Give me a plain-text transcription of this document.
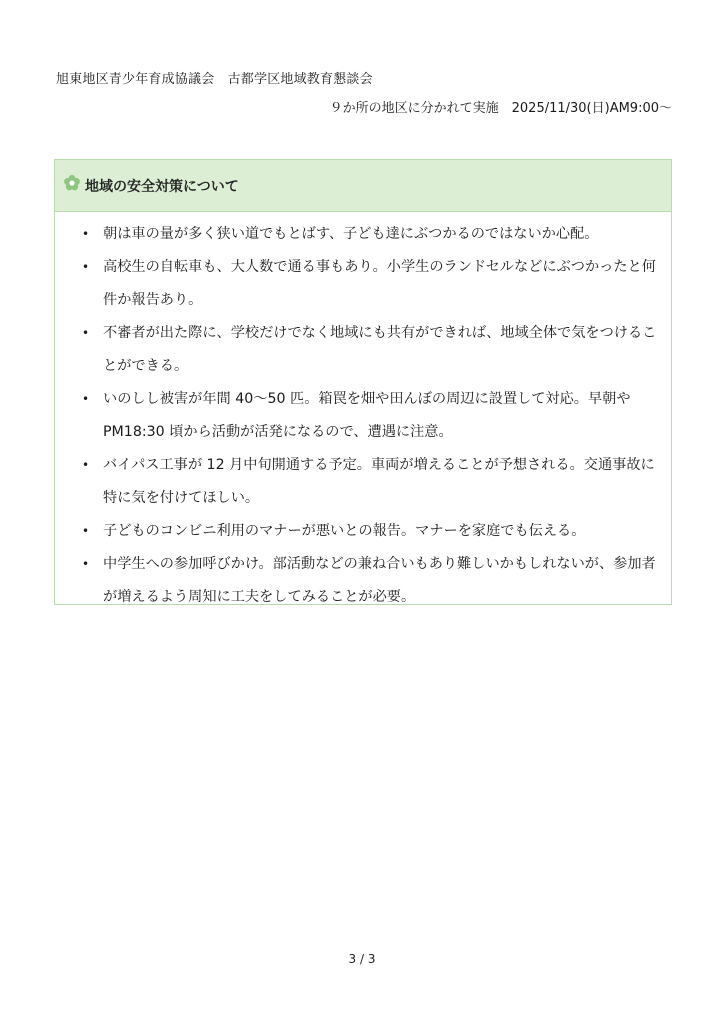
旭東地区青少年育成協議会　古都学区地域教育懇談会
９か所の地区に分かれて実施　2025/11/30(日)AM9:00～
地域の安全対策について
• 朝は車の量が多く狭い道でもとばす、子ども達にぶつかるのではないか心配。
• 高校生の自転車も、大人数で通る事もあり。小学生のランドセルなどにぶつかったと何件か報告あり。
• 不審者が出た際に、学校だけでなく地域にも共有ができれば、地域全体で気をつけることができる。
• いのしし被害が年間 40～50 匹。箱罠を畑や田んぼの周辺に設置して対応。早朝やPM18:30 頃から活動が活発になるので、遭遇に注意。
• バイパス工事が 12 月中旬開通する予定。車両が増えることが予想される。交通事故に特に気を付けてほしい。
• 子どものコンビニ利用のマナーが悪いとの報告。マナーを家庭でも伝える。
• 中学生への参加呼びかけ。部活動などの兼ね合いもあり難しいかもしれないが、参加者が増えるよう周知に工夫をしてみることが必要。
3 / 3
